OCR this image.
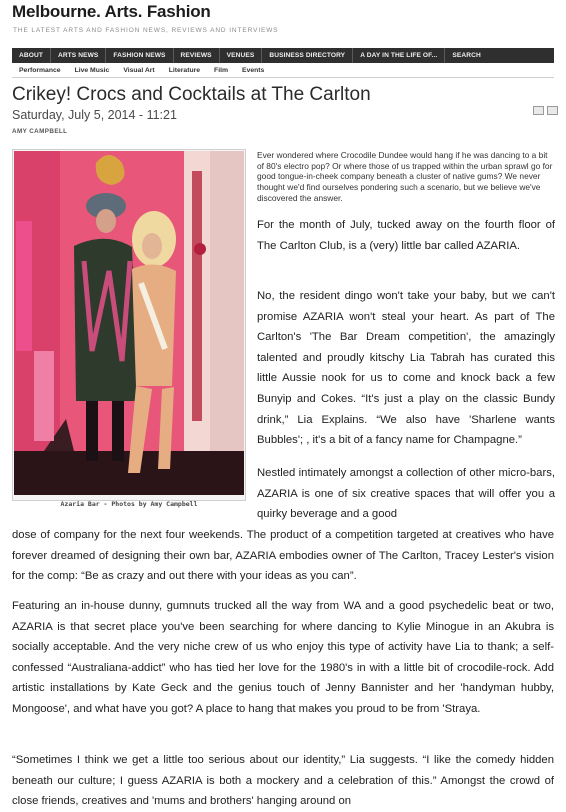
Melbourne. Arts. Fashion
THE LATEST ARTS AND FASHION NEWS, REVIEWS AND INTERVIEWS
ABOUT	ARTS NEWS	FASHION NEWS	REVIEWS	VENUES	BUSINESS DIRECTORY	A DAY IN THE LIFE OF...	SEARCH
Performance	Live Music	Visual Art	Literature	Film	Events
Crikey! Crocs and Cocktails at The Carlton
Saturday, July 5, 2014 - 11:21
AMY CAMPBELL
Azaria Bar - Photos by Amy Campbell

Ever wondered where Crocodile Dundee would hang if he was dancing to a bit of 80's electro pop? Or where those of us trapped within the urban sprawl go for good tongue-in-cheek company beneath a cluster of native gums? We never thought we'd find ourselves pondering such a scenario, but we believe we've discovered the answer.

For the month of July, tucked away on the fourth floor of The Carlton Club, is a (very) little bar called AZARIA.

No, the resident dingo won't take your baby, but we can't promise AZARIA won't steal your heart. As part of The Carlton's 'The Bar Dream competition', the amazingly talented and proudly kitschy Lia Tabrah has curated this little Aussie nook for us to come and knock back a few Bunyip and Cokes. “It's just a play on the classic Bundy drink,” Lia Explains. “We also have 'Sharlene wants Bubbles'; , it's a bit of a fancy name for Champagne.”

Nestled intimately amongst a collection of other micro-bars, AZARIA is one of six creative spaces that will offer you a quirky beverage and a good

dose of company for the next four weekends. The product of a competition targeted at creatives who have forever dreamed of designing their own bar, AZARIA embodies owner of The Carlton, Tracey Lester's vision for the comp: “Be as crazy and out there with your ideas as you can”.

Featuring an in-house dunny, gumnuts trucked all the way from WA and a good psychedelic beat or two, AZARIA is that secret place you've been searching for where dancing to Kylie Minogue in an Akubra is socially acceptable. And the very niche crew of us who enjoy this type of activity have Lia to thank; a self-confessed “Australiana-addict” who has tied her love for the 1980's in with a little bit of crocodile-rock. Add artistic installations by Kate Geck and the genius touch of Jenny Bannister and her 'handyman hubby, Mongoose', and what have you got? A place to hang that makes you proud to be from 'Straya.

“Sometimes I think we get a little too serious about our identity,” Lia suggests. “I like the comedy hidden beneath our culture; I guess AZARIA is both a mockery and a celebration of this.” Amongst the crowd of close friends, creatives and 'mums and brothers' hanging around on
